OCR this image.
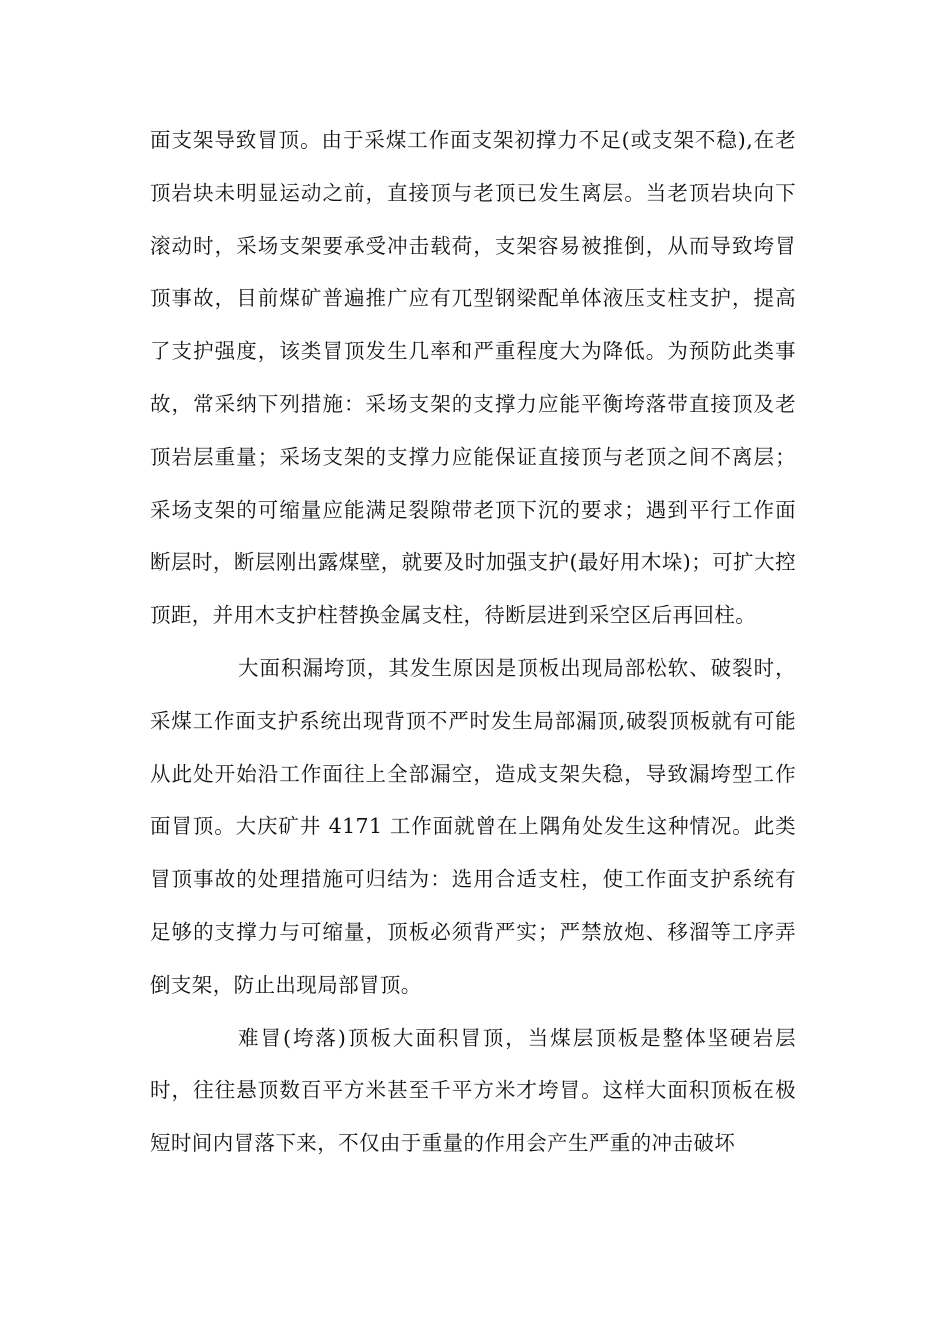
面支架导致冒顶。由于采煤工作面支架初撑力不足(或支架不稳),在老顶岩块未明显运动之前，直接顶与老顶已发生离层。当老顶岩块向下滚动时，采场支架要承受冲击载荷，支架容易被推倒，从而导致垮冒顶事故，目前煤矿普遍推广应有兀型钢梁配单体液压支柱支护，提高了支护强度，该类冒顶发生几率和严重程度大为降低。为预防此类事故，常采纳下列措施：采场支架的支撑力应能平衡垮落带直接顶及老顶岩层重量；采场支架的支撑力应能保证直接顶与老顶之间不离层；采场支架的可缩量应能满足裂隙带老顶下沉的要求；遇到平行工作面断层时，断层刚出露煤壁，就要及时加强支护(最好用木垛)；可扩大控顶距，并用木支护柱替换金属支柱，待断层进到采空区后再回柱。

大面积漏垮顶，其发生原因是顶板出现局部松软、破裂时，采煤工作面支护系统出现背顶不严时发生局部漏顶,破裂顶板就有可能从此处开始沿工作面往上全部漏空，造成支架失稳，导致漏垮型工作面冒顶。大庆矿井 4171 工作面就曾在上隅角处发生这种情况。此类冒顶事故的处理措施可归结为：选用合适支柱，使工作面支护系统有足够的支撑力与可缩量，顶板必须背严实；严禁放炮、移溜等工序弄倒支架，防止出现局部冒顶。

难冒(垮落)顶板大面积冒顶，当煤层顶板是整体坚硬岩层时，往往悬顶数百平方米甚至千平方米才垮冒。这样大面积顶板在极短时间内冒落下来，不仅由于重量的作用会产生严重的冲击破坏
